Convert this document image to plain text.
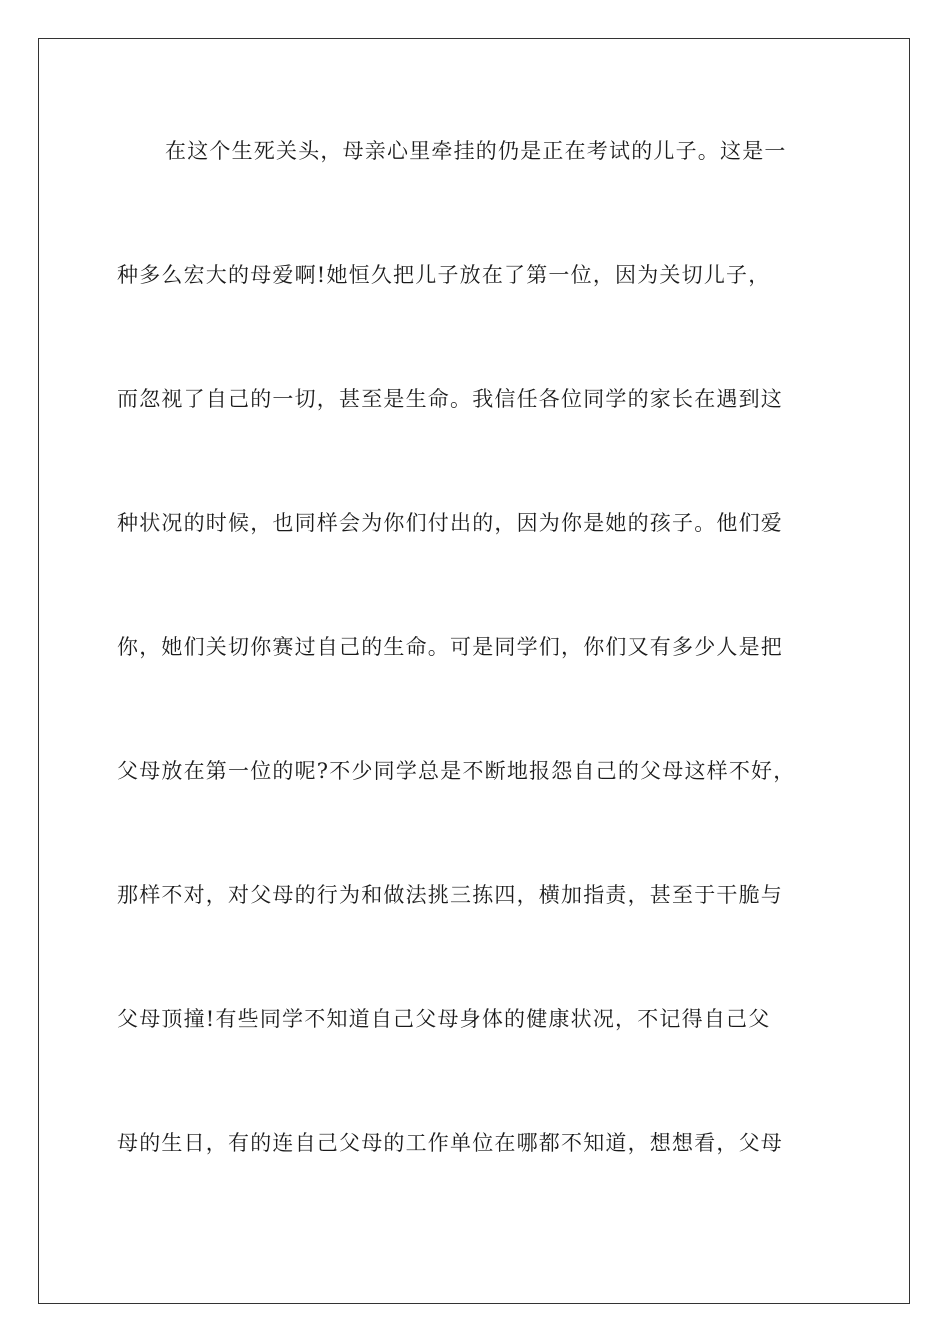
在这个生死关头，母亲心里牵挂的仍是正在考试的儿子。这是一
种多么宏大的母爱啊!她恒久把儿子放在了第一位，因为关切儿子，
而忽视了自己的一切，甚至是生命。我信任各位同学的家长在遇到这
种状况的时候，也同样会为你们付出的，因为你是她的孩子。他们爱
你，她们关切你赛过自己的生命。可是同学们，你们又有多少人是把
父母放在第一位的呢?不少同学总是不断地报怨自己的父母这样不好，
那样不对，对父母的行为和做法挑三拣四，横加指责，甚至于干脆与
父母顶撞!有些同学不知道自己父母身体的健康状况，不记得自己父
母的生日，有的连自己父母的工作单位在哪都不知道，想想看，父母
